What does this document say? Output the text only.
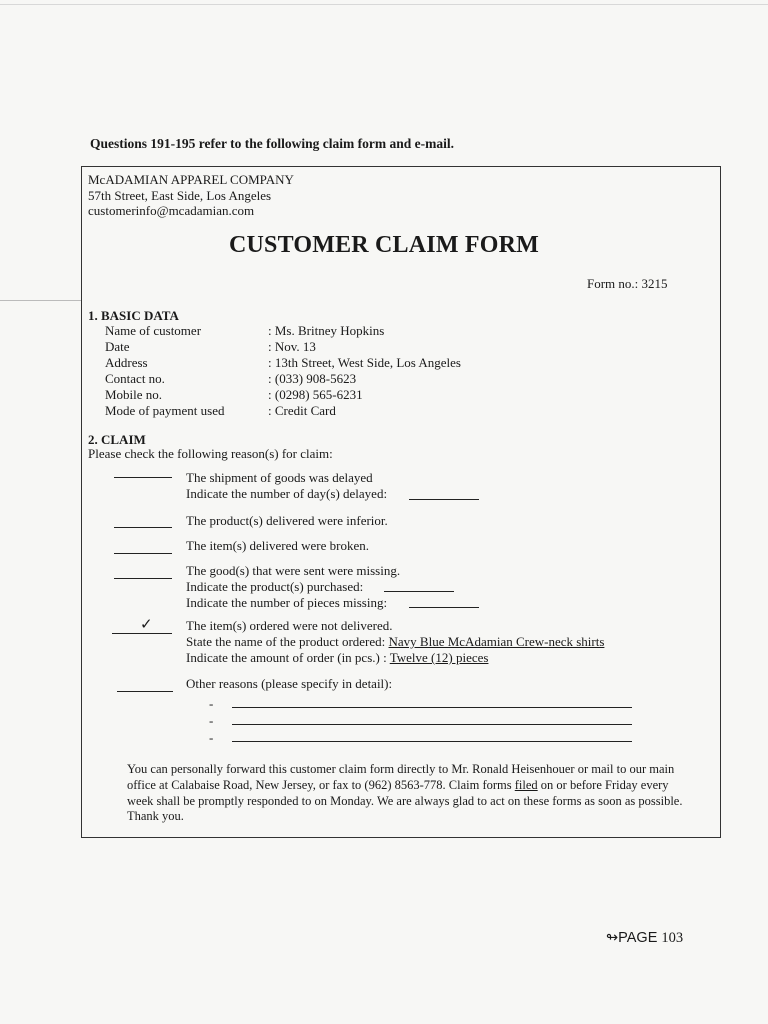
Questions 191-195 refer to the following claim form and e-mail.
McADAMIAN APPAREL COMPANY
57th Street, East Side, Los Angeles
customerinfo@mcadamian.com
CUSTOMER CLAIM FORM
Form no.: 3215
1. BASIC DATA
Name of customer
Date
Address
Contact no.
Mobile no.
Mode of payment used
: Ms. Britney Hopkins
: Nov. 13
: 13th Street, West Side, Los Angeles
: (033) 908-5623
: (0298) 565-6231
: Credit Card
2. CLAIM
Please check the following reason(s) for claim:
The shipment of goods was delayed
Indicate the number of day(s) delayed:
The product(s) delivered were inferior.
The item(s) delivered were broken.
The good(s) that were sent were missing.
Indicate the product(s) purchased:
Indicate the number of pieces missing:
✓	The item(s) ordered were not delivered.
State the name of the product ordered: Navy Blue McAdamian Crew-neck shirts
Indicate the amount of order (in pcs.) : Twelve (12) pieces
Other reasons (please specify in detail):
-
-
-
You can personally forward this customer claim form directly to Mr. Ronald Heisenhouer or mail to our main office at Calabaise Road, New Jersey, or fax to (962) 8563-778. Claim forms filed on or before Friday every week shall be promptly responded to on Monday. We are always glad to act on these forms as soon as possible. Thank you.
↬PAGE 103
